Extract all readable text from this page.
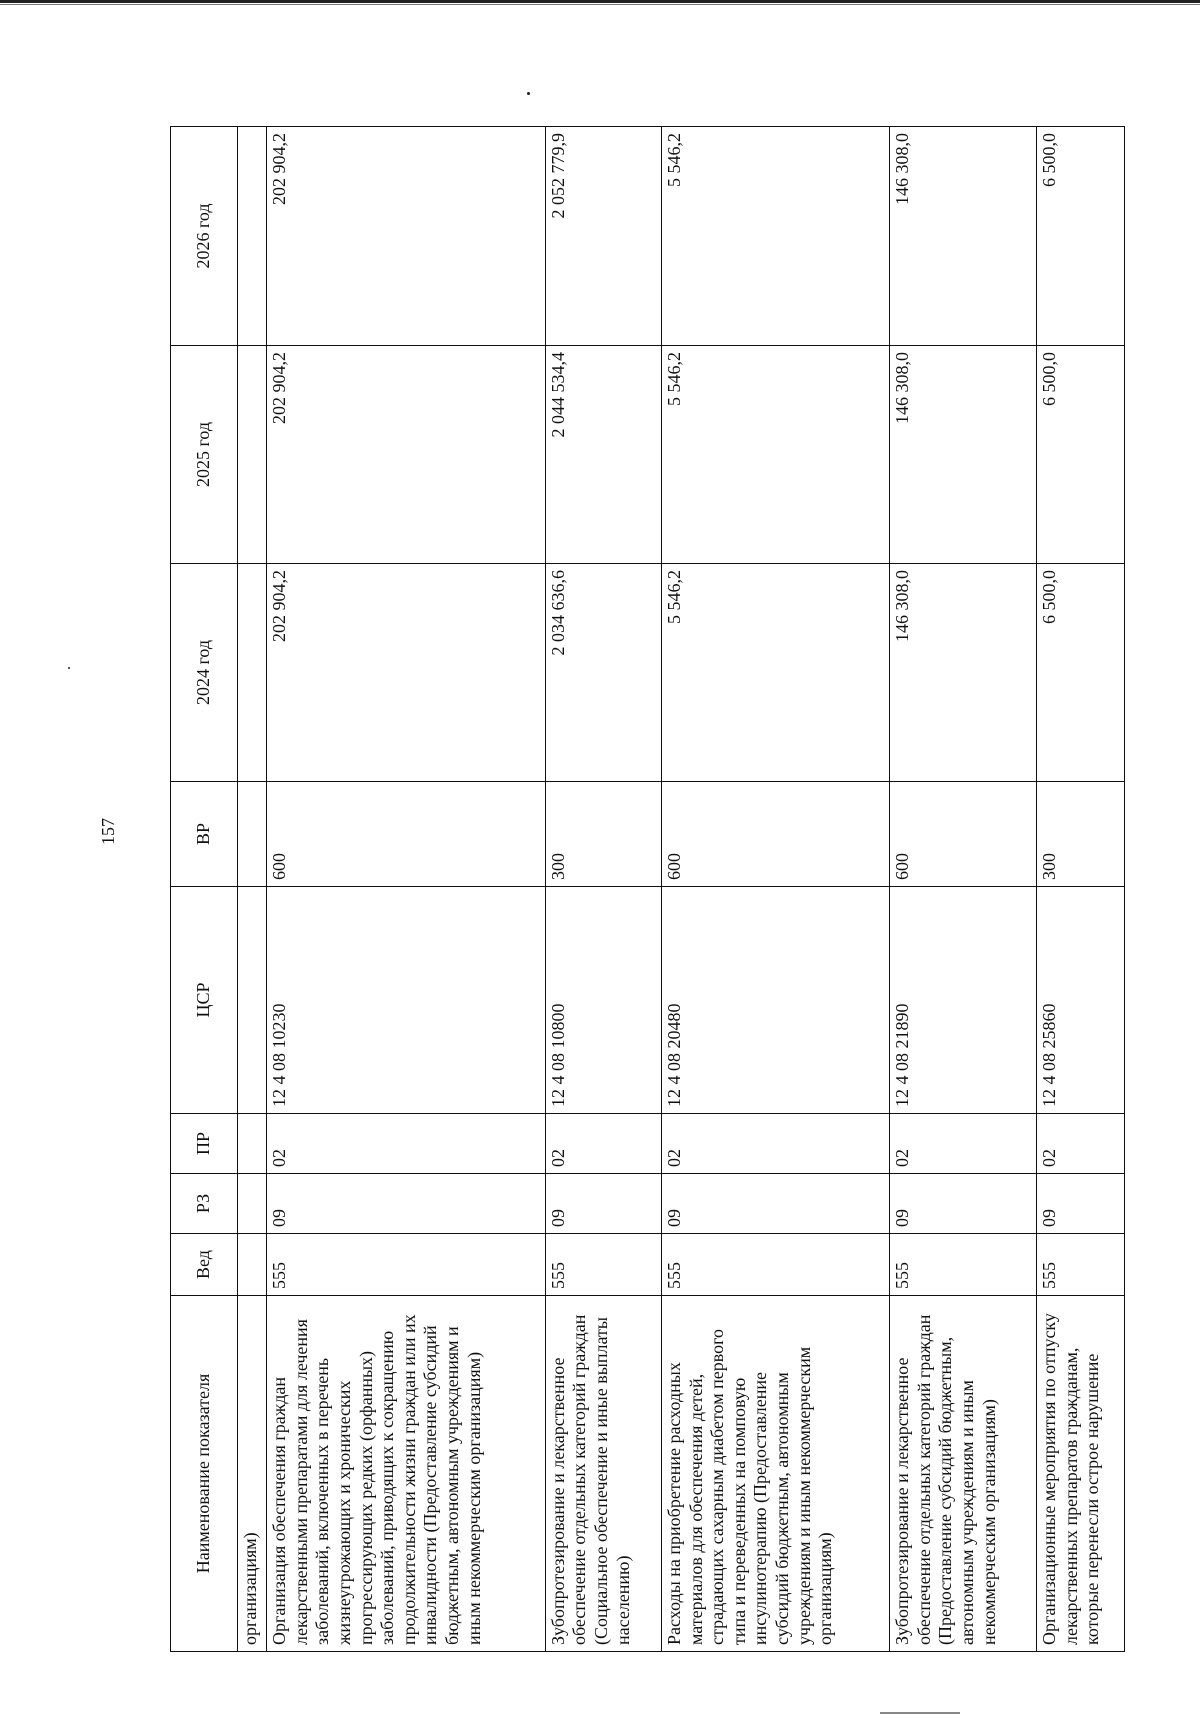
157
Наименование показателя	Вед	РЗ	ПР	ЦСР	ВР	2024 год	2025 год	2026 год
организациям)								
Организация обеспечения граждан лекарственными препаратами для лечения заболеваний, включенных в перечень жизнеугрожающих и хронических прогрессирующих редких (орфанных) заболеваний, приводящих к сокращению продолжительности жизни граждан или их инвалидности (Предоставление субсидий бюджетным, автономным учреждениям и иным некоммерческим организациям)	555	09	02	12 4 08 10230	600	202 904,2	202 904,2	202 904,2
Зубопротезирование и лекарственное обеспечение отдельных категорий граждан (Социальное обеспечение и иные выплаты населению)	555	09	02	12 4 08 10800	300	2 034 636,6	2 044 534,4	2 052 779,9
Расходы на приобретение расходных материалов для обеспечения детей, страдающих сахарным диабетом первого типа и переведенных на помповую инсулинотерапию (Предоставление субсидий бюджетным, автономным учреждениям и иным некоммерческим организациям)	555	09	02	12 4 08 20480	600	5 546,2	5 546,2	5 546,2
Зубопротезирование и лекарственное обеспечение отдельных категорий граждан (Предоставление субсидий бюджетным, автономным учреждениям и иным некоммерческим организациям)	555	09	02	12 4 08 21890	600	146 308,0	146 308,0	146 308,0
Организационные мероприятия по отпуску лекарственных препаратов гражданам, которые перенесли острое нарушение	555	09	02	12 4 08 25860	300	6 500,0	6 500,0	6 500,0
